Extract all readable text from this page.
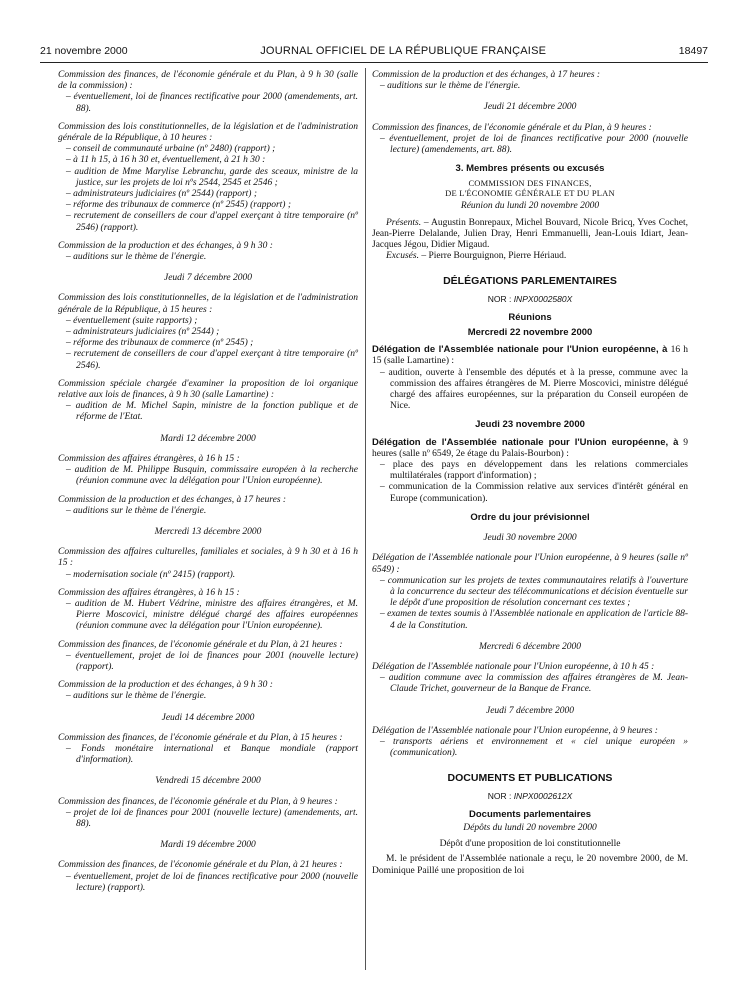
21 novembre 2000	JOURNAL OFFICIEL DE LA RÉPUBLIQUE FRANÇAISE	18497
Commission des finances, de l'économie générale et du Plan, à 9 h 30 (salle de la commission) :
– éventuellement, loi de finances rectificative pour 2000 (amendements, art. 88).
Commission des lois constitutionnelles, de la législation et de l'administration générale de la République, à 10 heures :
– conseil de communauté urbaine (nº 2480) (rapport) ;
– à 11 h 15, à 16 h 30 et, éventuellement, à 21 h 30 :
– audition de Mme Marylise Lebranchu, garde des sceaux, ministre de la justice, sur les projets de loi nºs 2544, 2545 et 2546 ;
– administrateurs judiciaires (nº 2544) (rapport) ;
– réforme des tribunaux de commerce (nº 2545) (rapport) ;
– recrutement de conseillers de cour d'appel exerçant à titre temporaire (nº 2546) (rapport).
Commission de la production et des échanges, à 9 h 30 :
– auditions sur le thème de l'énergie.
Jeudi 7 décembre 2000
Commission des lois constitutionnelles, de la législation et de l'administration générale de la République, à 15 heures :
– éventuellement (suite rapports) ;
– administrateurs judiciaires (nº 2544) ;
– réforme des tribunaux de commerce (nº 2545) ;
– recrutement de conseillers de cour d'appel exerçant à titre temporaire (nº 2546).
Commission spéciale chargée d'examiner la proposition de loi organique relative aux lois de finances, à 9 h 30 (salle Lamartine) :
– audition de M. Michel Sapin, ministre de la fonction publique et de réforme de l'Etat.
Mardi 12 décembre 2000
Commission des affaires étrangères, à 16 h 15 :
– audition de M. Philippe Busquin, commissaire européen à la recherche (réunion commune avec la délégation pour l'Union européenne).
Commission de la production et des échanges, à 17 heures :
– auditions sur le thème de l'énergie.
Mercredi 13 décembre 2000
Commission des affaires culturelles, familiales et sociales, à 9 h 30 et à 16 h 15 :
– modernisation sociale (nº 2415) (rapport).
Commission des affaires étrangères, à 16 h 15 :
– audition de M. Hubert Védrine, ministre des affaires étrangères, et M. Pierre Moscovici, ministre délégué chargé des affaires européennes (réunion commune avec la délégation pour l'Union européenne).
Commission des finances, de l'économie générale et du Plan, à 21 heures :
– éventuellement, projet de loi de finances pour 2001 (nouvelle lecture) (rapport).
Commission de la production et des échanges, à 9 h 30 :
– auditions sur le thème de l'énergie.
Jeudi 14 décembre 2000
Commission des finances, de l'économie générale et du Plan, à 15 heures :
– Fonds monétaire international et Banque mondiale (rapport d'information).
Vendredi 15 décembre 2000
Commission des finances, de l'économie générale et du Plan, à 9 heures :
– projet de loi de finances pour 2001 (nouvelle lecture) (amendements, art. 88).
Mardi 19 décembre 2000
Commission des finances, de l'économie générale et du Plan, à 21 heures :
– éventuellement, projet de loi de finances rectificative pour 2000 (nouvelle lecture) (rapport).
Commission de la production et des échanges, à 17 heures :
– auditions sur le thème de l'énergie.
Jeudi 21 décembre 2000
Commission des finances, de l'économie générale et du Plan, à 9 heures :
– éventuellement, projet de loi de finances rectificative pour 2000 (nouvelle lecture) (amendements, art. 88).
3. Membres présents ou excusés
COMMISSION DES FINANCES,
DE L'ÉCONOMIE GÉNÉRALE ET DU PLAN
Réunion du lundi 20 novembre 2000
Présents. – Augustin Bonrepaux, Michel Bouvard, Nicole Bricq, Yves Cochet, Jean-Pierre Delalande, Julien Dray, Henri Emmanuelli, Jean-Louis Idiart, Jean-Jacques Jégou, Didier Migaud.
Excusés. – Pierre Bourguignon, Pierre Hériaud.
DÉLÉGATIONS PARLEMENTAIRES
NOR : INPX0002580X
Réunions
Mercredi 22 novembre 2000
Délégation de l'Assemblée nationale pour l'Union européenne, à 16 h 15 (salle Lamartine) :
– audition, ouverte à l'ensemble des députés et à la presse, commune avec la commission des affaires étrangères de M. Pierre Moscovici, ministre délégué chargé des affaires européennes, sur la préparation du Conseil européen de Nice.
Jeudi 23 novembre 2000
Délégation de l'Assemblée nationale pour l'Union européenne, à 9 heures (salle nº 6549, 2e étage du Palais-Bourbon) :
– place des pays en développement dans les relations commerciales multilatérales (rapport d'information) ;
– communication de la Commission relative aux services d'intérêt général en Europe (communication).
Ordre du jour prévisionnel
Jeudi 30 novembre 2000
Délégation de l'Assemblée nationale pour l'Union européenne, à 9 heures (salle nº 6549) :
– communication sur les projets de textes communautaires relatifs à l'ouverture à la concurrence du secteur des télécommunications et décision éventuelle sur le dépôt d'une proposition de résolution concernant ces textes ;
– examen de textes soumis à l'Assemblée nationale en application de l'article 88-4 de la Constitution.
Mercredi 6 décembre 2000
Délégation de l'Assemblée nationale pour l'Union européenne, à 10 h 45 :
– audition commune avec la commission des affaires étrangères de M. Jean-Claude Trichet, gouverneur de la Banque de France.
Jeudi 7 décembre 2000
Délégation de l'Assemblée nationale pour l'Union européenne, à 9 heures :
– transports aériens et environnement et « ciel unique européen » (communication).
DOCUMENTS ET PUBLICATIONS
NOR : INPX0002612X
Documents parlementaires
Dépôts du lundi 20 novembre 2000
Dépôt d'une proposition de loi constitutionnelle
M. le président de l'Assemblée nationale a reçu, le 20 novembre 2000, de M. Dominique Paillé une proposition de loi
